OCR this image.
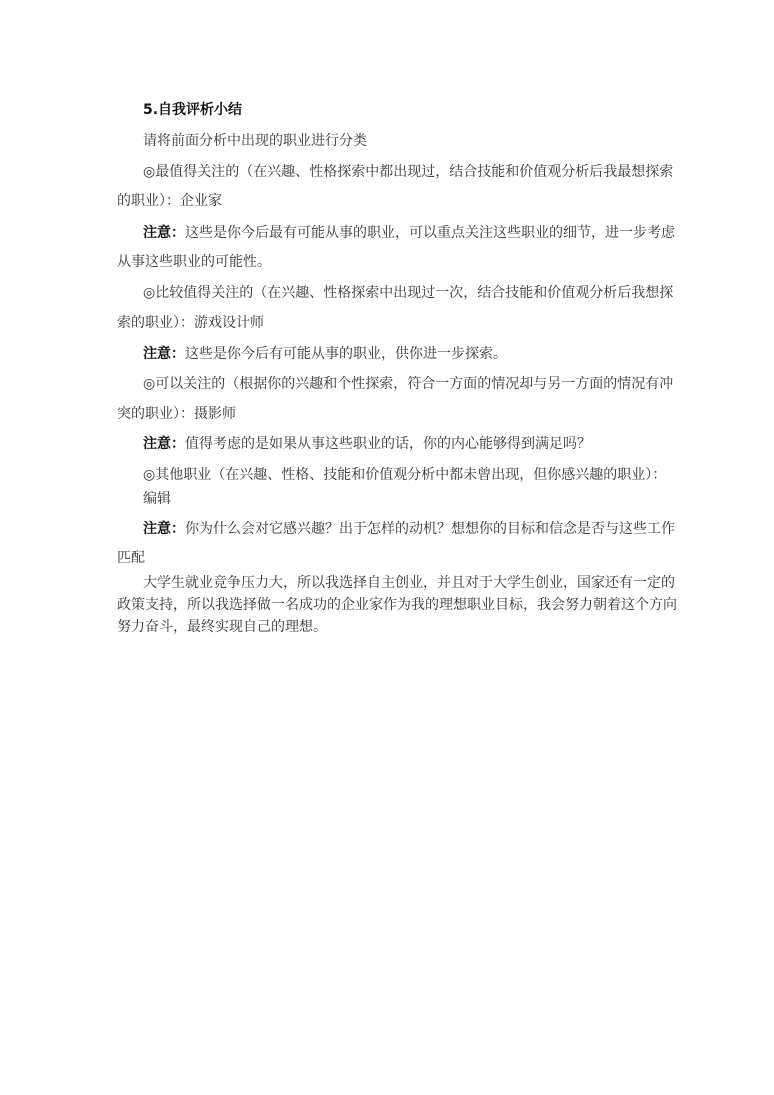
5.自我评析小结
请将前面分析中出现的职业进行分类
◎最值得关注的（在兴趣、性格探索中都出现过，结合技能和价值观分析后我最想探索
的职业）：企业家
注意：这些是你今后最有可能从事的职业，可以重点关注这些职业的细节，进一步考虑
从事这些职业的可能性。
◎比较值得关注的（在兴趣、性格探索中出现过一次，结合技能和价值观分析后我想探
索的职业）：游戏设计师
注意：这些是你今后有可能从事的职业，供你进一步探索。
◎可以关注的（根据你的兴趣和个性探索，符合一方面的情况却与另一方面的情况有冲
突的职业）：摄影师
注意：值得考虑的是如果从事这些职业的话，你的内心能够得到满足吗？
◎其他职业（在兴趣、性格、技能和价值观分析中都未曾出现，但你感兴趣的职业）：
编辑
注意：你为什么会对它感兴趣？出于怎样的动机？想想你的目标和信念是否与这些工作
匹配
大学生就业竞争压力大，所以我选择自主创业，并且对于大学生创业，国家还有一定的
政策支持，所以我选择做一名成功的企业家作为我的理想职业目标，我会努力朝着这个方向
努力奋斗，最终实现自己的理想。
